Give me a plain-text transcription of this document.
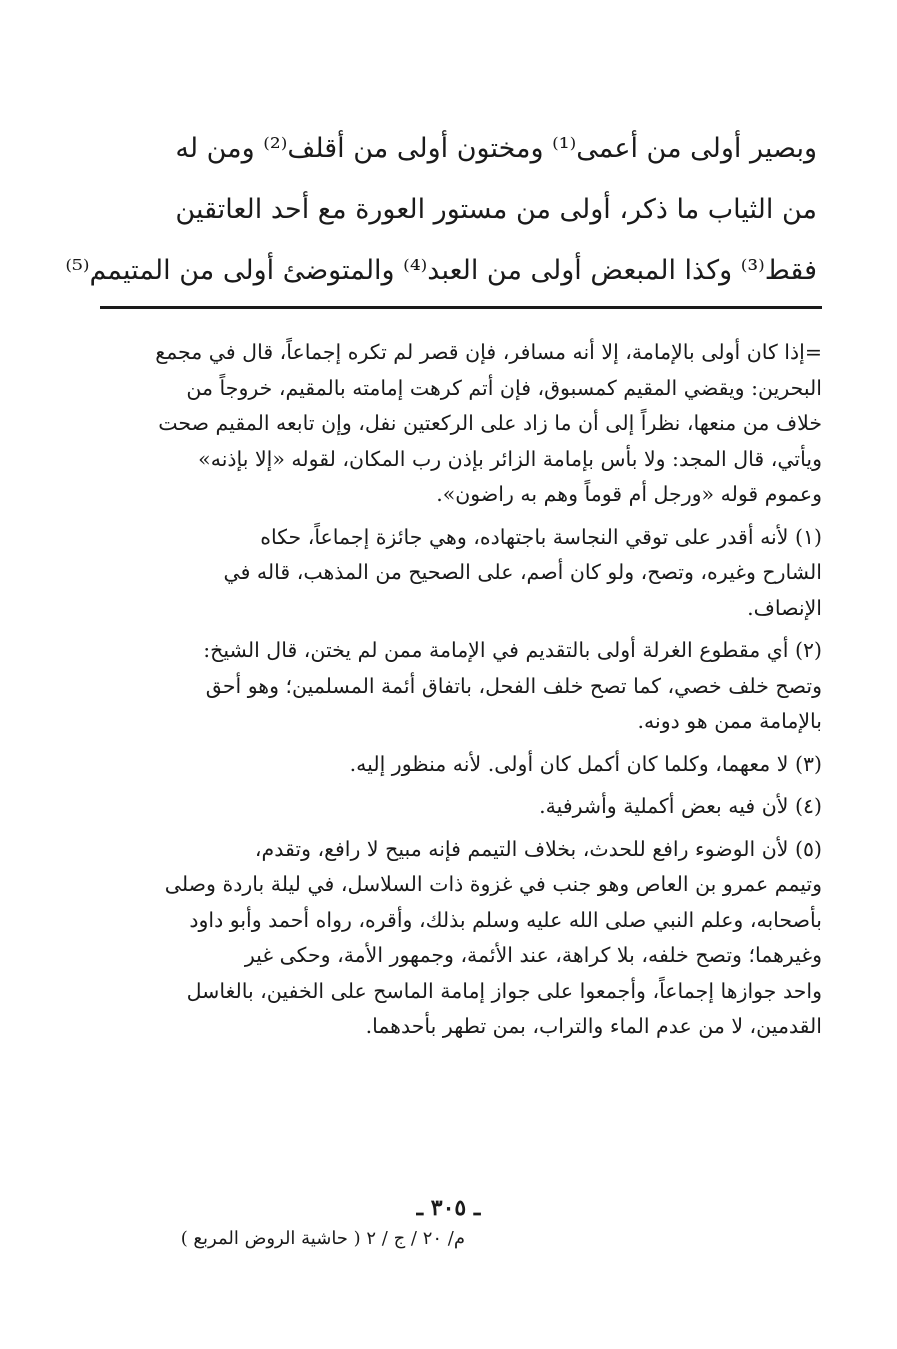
وبصير أولى من أعمى⁽¹⁾ ومختون أولى من أقلف⁽²⁾ ومن له
من الثياب ما ذكر، أولى من مستور العورة مع أحد العاتقين
فقط⁽³⁾ وكذا المبعض أولى من العبد⁽⁴⁾ والمتوضئ أولى من المتيمم⁽⁵⁾
=إذا كان أولى بالإمامة، إلا أنه مسافر، فإن قصر لم تكره إجماعاً، قال في مجمع
البحرين: ويقضي المقيم كمسبوق، فإن أتم كرهت إمامته بالمقيم، خروجاً من
خلاف من منعها، نظراً إلى أن ما زاد على الركعتين نفل، وإن تابعه المقيم صحت
ويأتي، قال المجد: ولا بأس بإمامة الزائر بإذن رب المكان، لقوله «إلا بإذنه»
وعموم قوله «ورجل أم قوماً وهم به راضون».
(١) لأنه أقدر على توقي النجاسة باجتهاده، وهي جائزة إجماعاً، حكاه
الشارح وغيره، وتصح، ولو كان أصم، على الصحيح من المذهب، قاله في
الإنصاف.
(٢) أي مقطوع الغرلة أولى بالتقديم في الإمامة ممن لم يختن، قال الشيخ:
وتصح خلف خصي، كما تصح خلف الفحل، باتفاق أئمة المسلمين؛ وهو أحق
بالإمامة ممن هو دونه.
(٣) لا معهما، وكلما كان أكمل كان أولى. لأنه منظور إليه.
(٤) لأن فيه بعض أكملية وأشرفية.
(٥) لأن الوضوء رافع للحدث، بخلاف التيمم فإنه مبيح لا رافع، وتقدم،
وتيمم عمرو بن العاص وهو جنب في غزوة ذات السلاسل، في ليلة باردة وصلى
بأصحابه، وعلم النبي صلى الله عليه وسلم بذلك، وأقره، رواه أحمد وأبو داود
وغيرهما؛ وتصح خلفه، بلا كراهة، عند الأئمة، وجمهور الأمة، وحكى غير
واحد جوازها إجماعاً، وأجمعوا على جواز إمامة الماسح على الخفين، بالغاسل
القدمين، لا من عدم الماء والتراب، بمن تطهر بأحدهما.
ـ ٣٠٥ ـ
م/ ٢٠ / ج / ٢ ( حاشية الروض المربع )
